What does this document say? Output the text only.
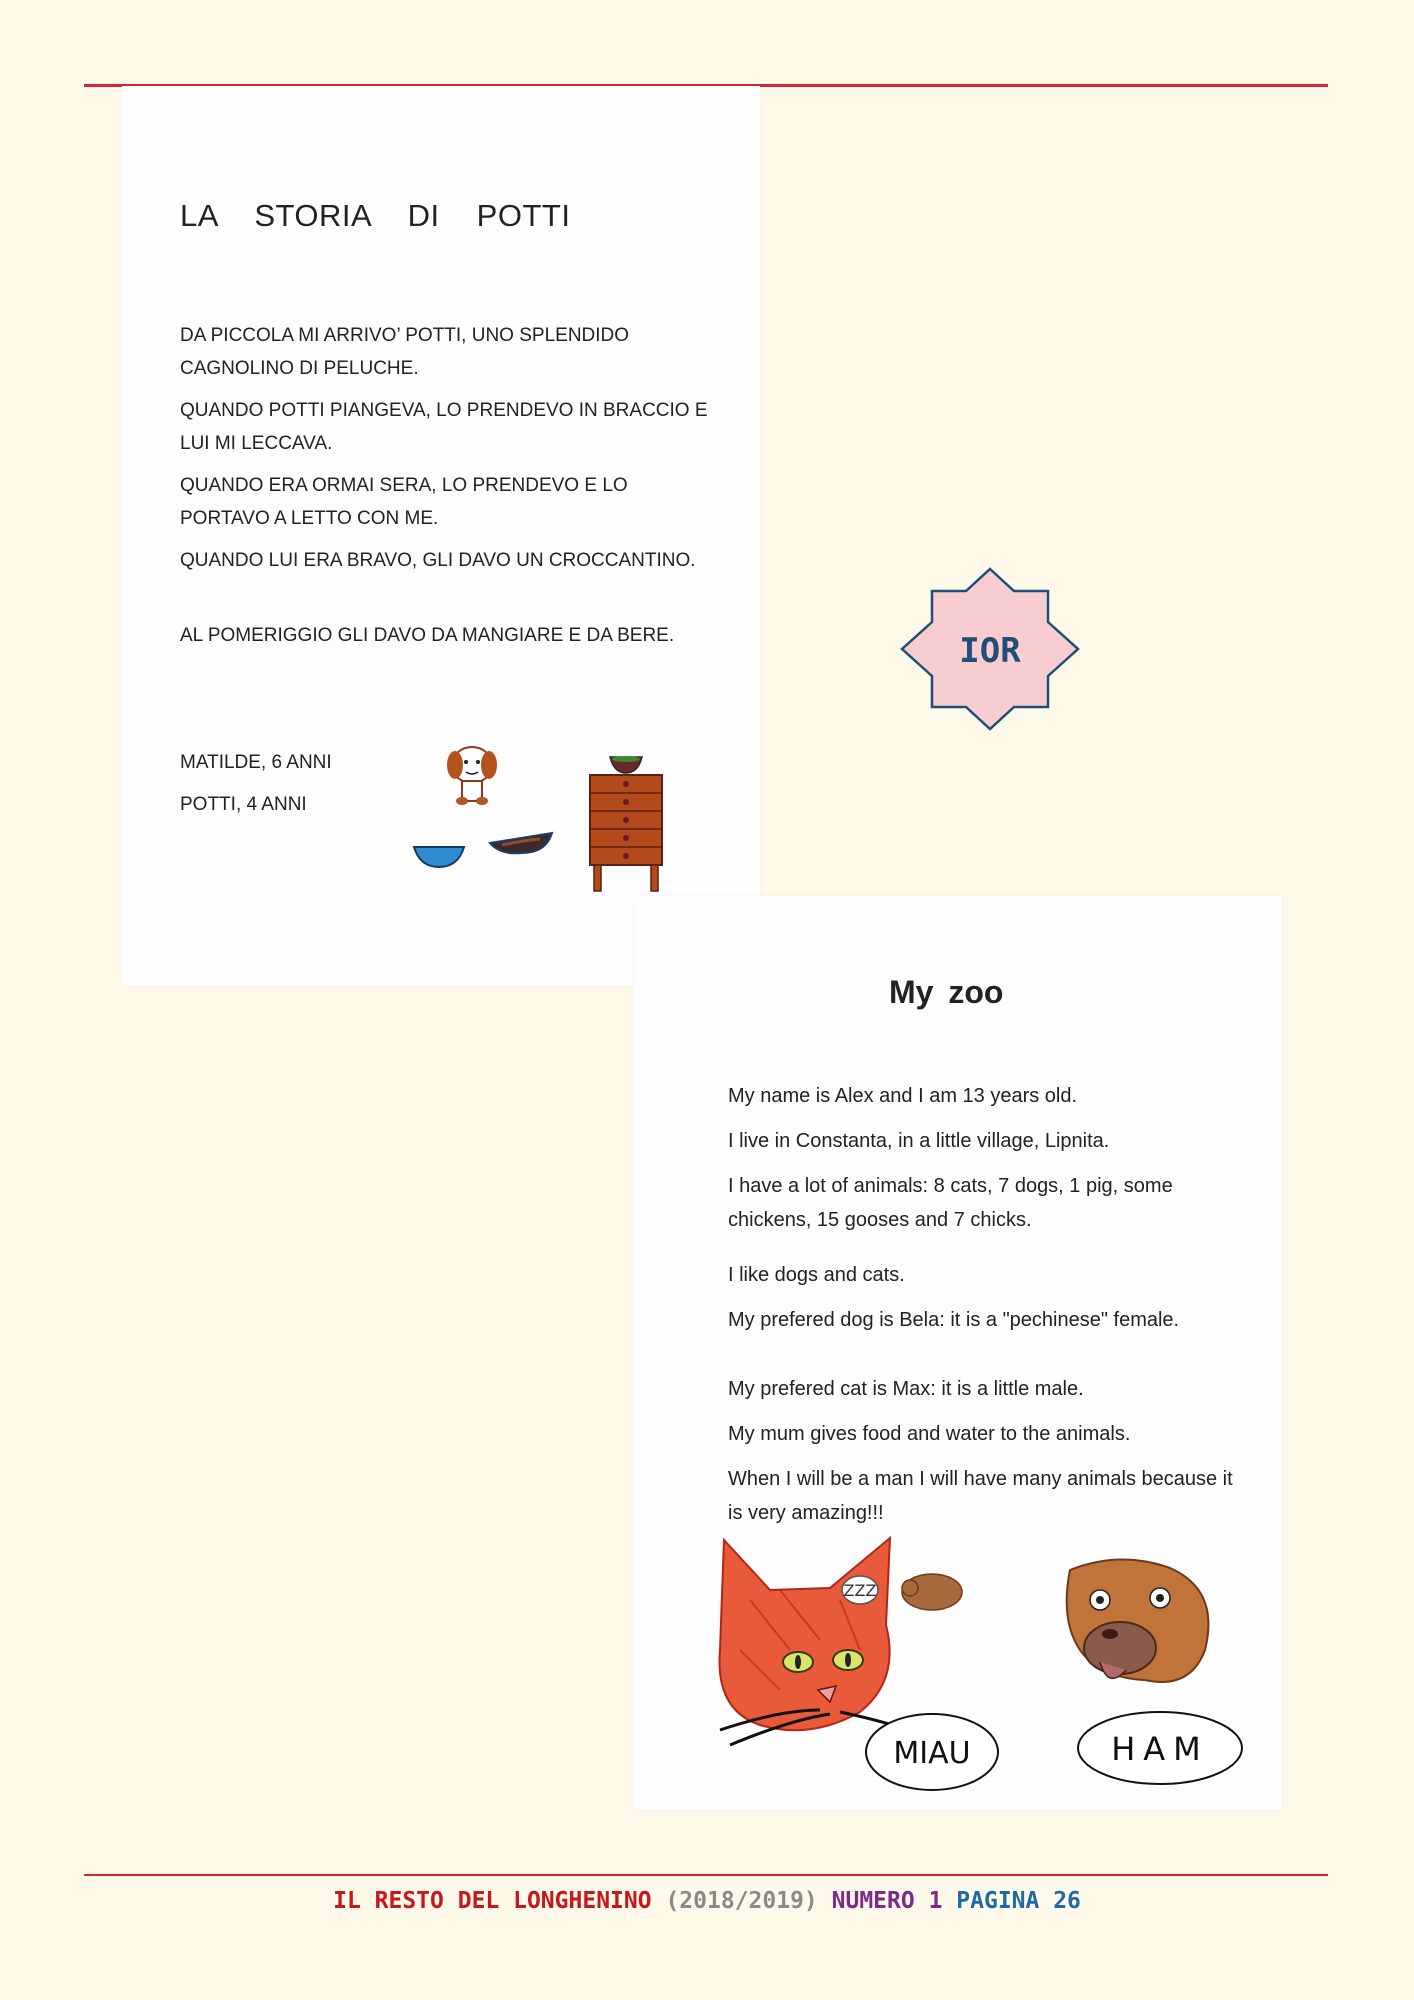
LA STORIA DI POTTI
DA PICCOLA MI ARRIVO’ POTTI, UNO SPLENDIDO CAGNOLINO DI PELUCHE.
QUANDO POTTI PIANGEVA, LO PRENDEVO IN BRACCIO E LUI MI LECCAVA.
QUANDO ERA ORMAI SERA, LO PRENDEVO E LO PORTAVO A LETTO CON ME.
QUANDO LUI ERA BRAVO, GLI DAVO UN CROCCANTINO.
AL POMERIGGIO GLI DAVO DA MANGIARE E DA BERE.
MATILDE, 6 ANNI
POTTI, 4 ANNI
IOR
My zoo
My name is Alex and I am 13 years old.
I live in Constanta, in a little village, Lipnita.
I have a lot of animals: 8 cats, 7 dogs, 1 pig, some chickens, 15 gooses and 7 chicks.
I like dogs and cats.
My prefered dog is Bela: it is a "pechinese" female.
My prefered cat is Max: it is a little male.
My mum gives food and water to the animals.
When I will be a man I will have many animals because it is very amazing!!!
MIAU
ZZZ
HAM
IL RESTO DEL LONGHENINO (2018/2019) NUMERO 1 PAGINA 26
